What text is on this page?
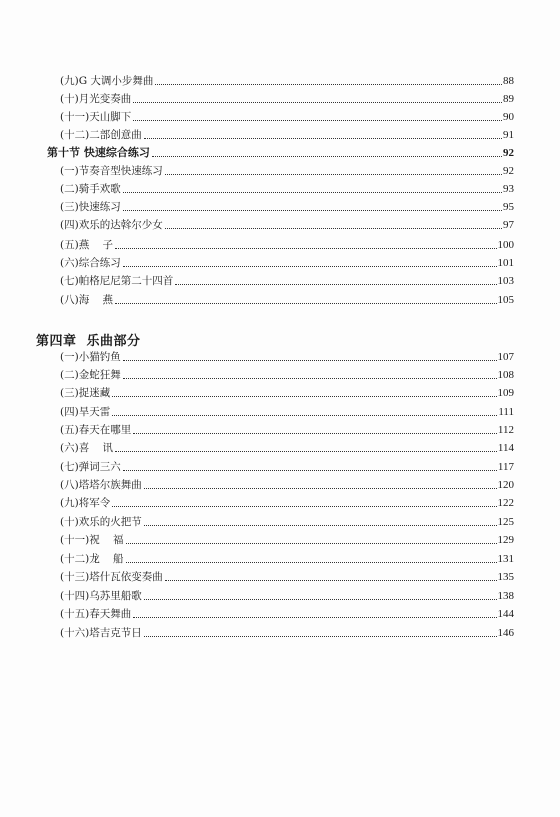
(九)G 大调小步舞曲	88
(十)月光变奏曲	89
(十一)天山脚下	90
(十二)二部创意曲	91
第十节 快速综合练习	92
(一)节奏音型快速练习	92
(二)骑手欢歌	93
(三)快速练习	95
(四)欢乐的达斡尔少女	97
(五)燕    子	100
(六)综合练习	101
(七)帕格尼尼第二十四首	103
(八)海    燕	105
第四章  乐曲部分
(一)小猫钓鱼	107
(二)金蛇狂舞	108
(三)捉迷藏	109
(四)旱天雷	111
(五)春天在哪里	112
(六)喜    讯	114
(七)弹词三六	117
(八)塔塔尔族舞曲	120
(九)将军令	122
(十)欢乐的火把节	125
(十一)祝    福	129
(十二)龙    船	131
(十三)塔什瓦依变奏曲	135
(十四)乌苏里船歌	138
(十五)春天舞曲	144
(十六)塔吉克节日	146
